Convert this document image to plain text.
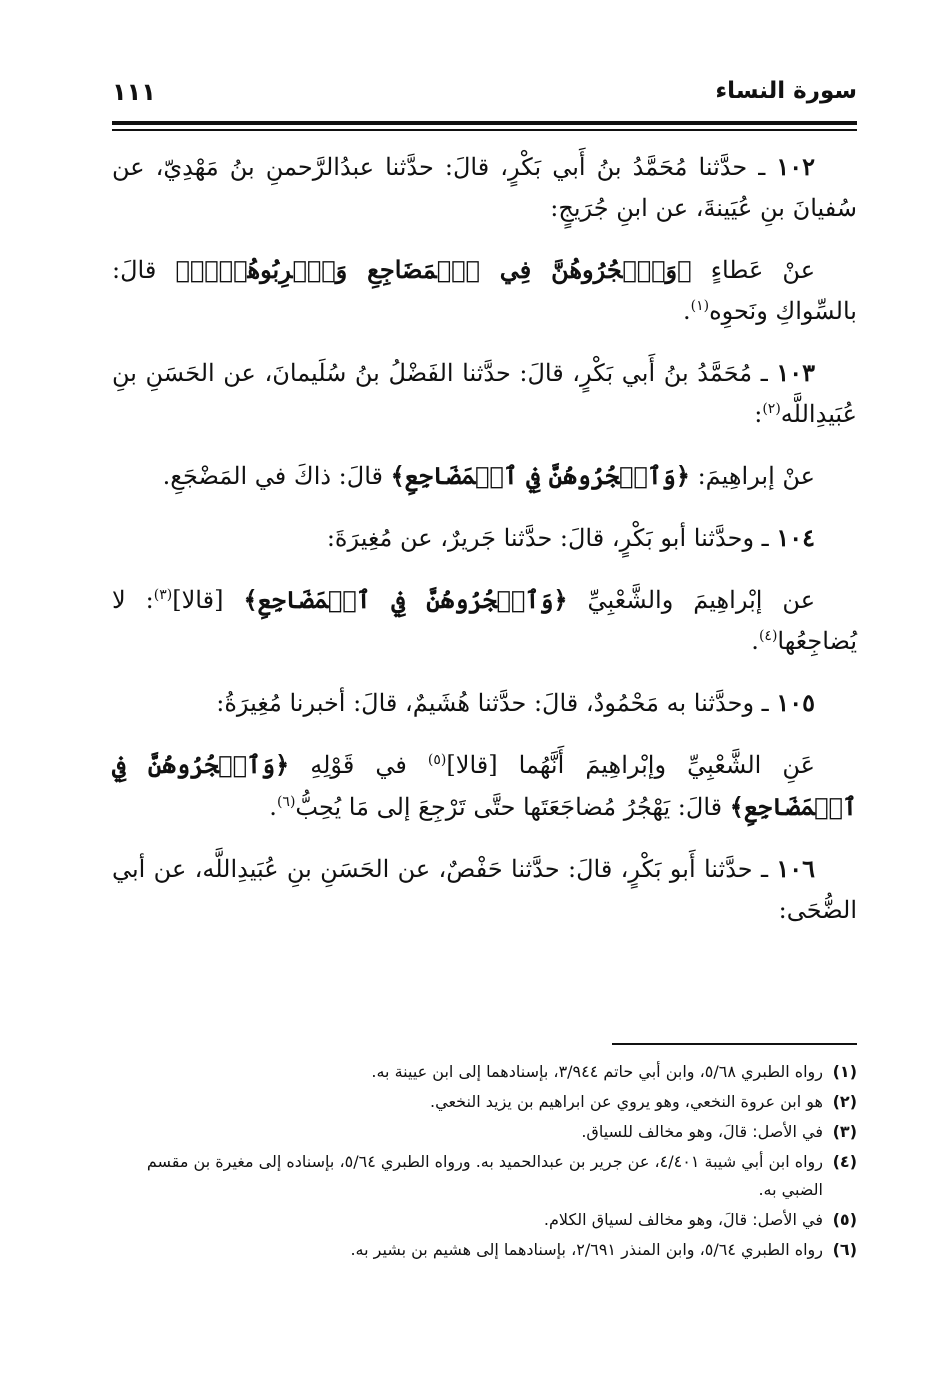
سورة النساء
١١١

١٠٢ ـ حدَّثنا مُحَمَّدُ بنُ أَبي بَكْرٍ، قالَ: حدَّثنا عبدُالرَّحمنِ بنُ مَهْدِيّ، عن سُفيانَ بنِ عُيَينةَ، عن ابنِ جُرَيجٍ:

عنْ عَطاءٍ ﴿وَٱهۡجُرُوهُنَّ فِي ٱلۡمَضَاجِعِ وَٱضۡرِبُوهُنَّۖ﴾ قالَ: بالسِّواكِ ونَحوِه$^{(١)}$.

١٠٣ ـ مُحَمَّدُ بنُ أَبي بَكْرٍ، قالَ: حدَّثنا الفَضْلُ بنُ سُلَيمانَ، عن الحَسَنِ بنِ عُبَيدِاللَّه$^{(٢)}$:

عنْ إبراهِيمَ: ﴿وَٱهۡجُرُوهُنَّ فِي ٱلۡمَضَاجِعِ﴾ قالَ: ذاكَ في المَضْجَعِ.

١٠٤ ـ وحدَّثنا أبو بَكْرٍ، قالَ: حدَّثنا جَريرٌ، عن مُغِيرَةَ:

عن إبْراهِيمَ والشَّعْبِيِّ ﴿وَٱهۡجُرُوهُنَّ فِي ٱلۡمَضَاجِعِ﴾ [قالا]$^{(٣)}$: لا يُضاجِعُها$^{(٤)}$.

١٠٥ ـ وحدَّثنا به مَحْمُودٌ، قالَ: حدَّثنا هُشَيمٌ، قالَ: أخبرنا مُغِيرَةُ:

عَنِ الشَّعْبِيِّ وإبْراهِيمَ أَنَّهُما [قالا]$^{(٥)}$ في قَوْلِهِ ﴿وَٱهۡجُرُوهُنَّ فِي ٱلۡمَضَاجِعِ﴾ قالَ: يَهْجُرُ مُضاجَعَتَها حتَّى تَرْجِعَ إلى مَا يُحِبُّ$^{(٦)}$.

١٠٦ ـ حدَّثنا أَبو بَكْرٍ، قالَ: حدَّثنا حَفْصٌ، عن الحَسَنِ بنِ عُبَيدِاللَّه، عن أبي الضُّحَى:

(١)
رواه الطبري ٥/٦٨، وابن أبي حاتم ٣/٩٤٤، بإسنادهما إلى ابن عيينة به.
(٢)
هو ابن عروة النخعي، وهو يروي عن ابراهيم بن يزيد النخعي.
(٣)
في الأصل: قالَ، وهو مخالف للسياق.
(٤)
رواه ابن أبي شيبة ٤/٤٠١، عن جرير بن عبدالحميد به. ورواه الطبري ٥/٦٤، بإسناده إلى مغيرة بن مقسم الضبي به.
(٥)
في الأصل: قالَ، وهو مخالف لسياق الكلام.
(٦)
رواه الطبري ٥/٦٤، وابن المنذر ٢/٦٩١، بإسنادهما إلى هشيم بن بشير به.
